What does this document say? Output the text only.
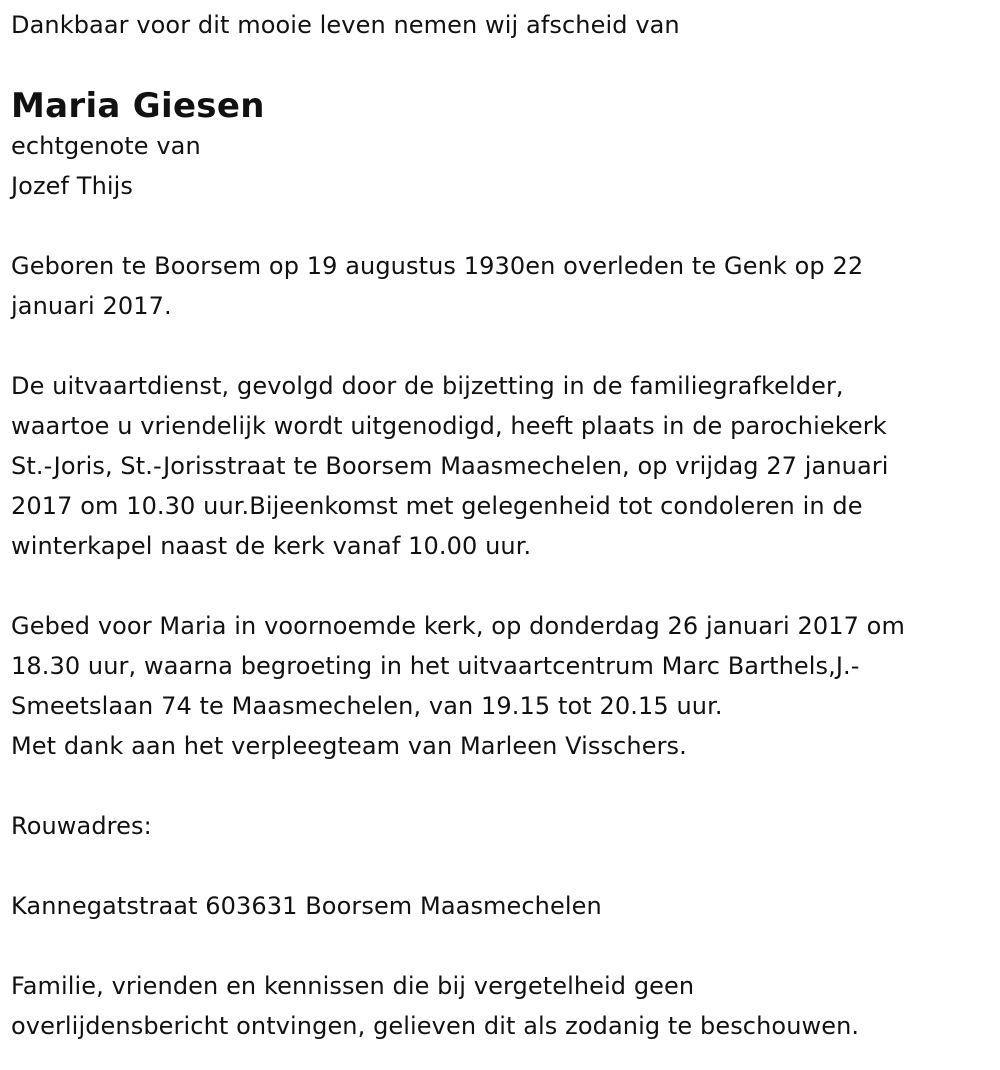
Dankbaar voor dit mooie leven nemen wij afscheid van

Maria Giesen

echtgenote van

Jozef Thijs

Geboren te Boorsem op 19 augustus 1930en overleden te Genk op 22

januari 2017.

De uitvaartdienst, gevolgd door de bijzetting in de familiegrafkelder,

waartoe u vriendelijk wordt uitgenodigd, heeft plaats in de parochiekerk

St.-Joris, St.-Jorisstraat te Boorsem Maasmechelen, op vrijdag 27 januari

2017 om 10.30 uur.Bijeenkomst met gelegenheid tot condoleren in de

winterkapel naast de kerk vanaf 10.00 uur.

Gebed voor Maria in voornoemde kerk, op donderdag 26 januari 2017 om

18.30 uur, waarna begroeting in het uitvaartcentrum Marc Barthels,J.-

Smeetslaan 74 te Maasmechelen, van 19.15 tot 20.15 uur.

Met dank aan het verpleegteam van Marleen Visschers.

Rouwadres:

Kannegatstraat 603631 Boorsem Maasmechelen

Familie, vrienden en kennissen die bij vergetelheid geen

overlijdensbericht ontvingen, gelieven dit als zodanig te beschouwen.
